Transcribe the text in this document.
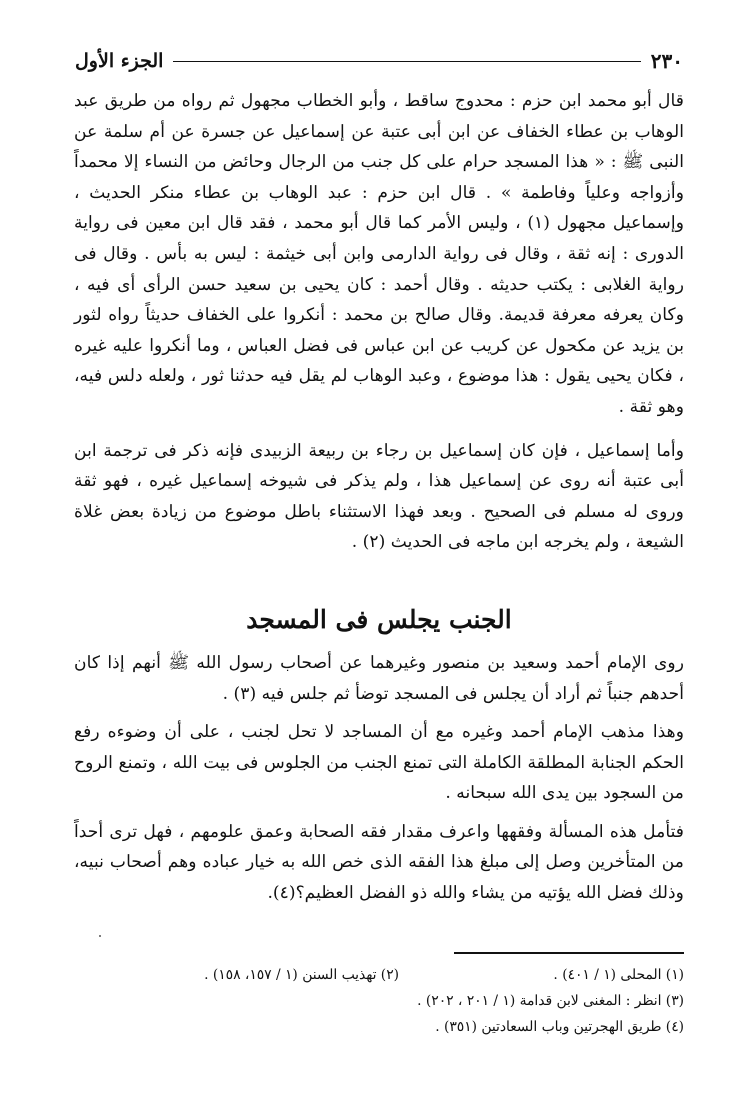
٢٣٠
الجزء الأول

قال أبو محمد ابن حزم : محدوج ساقط ، وأبو الخطاب مجهول ثم رواه من طريق عبد الوهاب بن عطاء الخفاف عن ابن أبى عتبة عن إسماعيل عن جسرة عن أم سلمة عن النبى ﷺ : « هذا المسجد حرام على كل جنب من الرجال وحائض من النساء إلا محمداً وأزواجه وعلياً وفاطمة » . قال ابن حزم : عبد الوهاب بن عطاء منكر الحديث ، وإسماعيل مجهول (١) ، وليس الأمر كما قال أبو محمد ، فقد قال ابن معين فى رواية الدورى : إنه ثقة ، وقال فى رواية الدارمى وابن أبى خيثمة : ليس به بأس . وقال فى رواية الغلابى : يكتب حديثه . وقال أحمد : كان يحيى بن سعيد حسن الرأى أى فيه ، وكان يعرفه معرفة قديمة. وقال صالح بن محمد : أنكروا على الخفاف حديثاً رواه لثور بن يزيد عن مكحول عن كريب عن ابن عباس فى فضل العباس ، وما أنكروا عليه غيره ، فكان يحيى يقول : هذا موضوع ، وعبد الوهاب لم يقل فيه حدثنا ثور ، ولعله دلس فيه، وهو ثقة .

وأما إسماعيل ، فإن كان إسماعيل بن رجاء بن ربيعة الزبيدى فإنه ذكر فى ترجمة ابن أبى عتبة أنه روى عن إسماعيل هذا ، ولم يذكر فى شيوخه إسماعيل غيره ، فهو ثقة وروى له مسلم فى الصحيح . وبعد فهذا الاستثناء باطل موضوع من زيادة بعض غلاة الشيعة ، ولم يخرجه ابن ماجه فى الحديث (٢) .

الجنب يجلس فى المسجد

روى الإمام أحمد وسعيد بن منصور وغيرهما عن أصحاب رسول الله ﷺ أنهم إذا كان أحدهم جنباً ثم أراد أن يجلس فى المسجد توضأ ثم جلس فيه (٣) .

وهذا مذهب الإمام أحمد وغيره مع أن المساجد لا تحل لجنب ، على أن وضوءه رفع الحكم الجنابة المطلقة الكاملة التى تمنع الجنب من الجلوس فى بيت الله ، وتمنع الروح من السجود بين يدى الله سبحانه .

فتأمل هذه المسألة وفقهها واعرف مقدار فقه الصحابة وعمق علومهم ، فهل ترى أحداً من المتأخرين وصل إلى مبلغ هذا الفقه الذى خص الله به خيار عباده وهم أصحاب نبيه، وذلك فضل الله يؤتيه من يشاء والله ذو الفضل العظيم؟(٤).

(١) المحلى (١ / ٤٠١) .
(٢) تهذيب السنن (١ / ١٥٧، ١٥٨) .
(٣) انظر : المغنى لابن قدامة (١ / ٢٠١ ، ٢٠٢) .
(٤) طريق الهجرتين وباب السعادتين (٣٥١) .
